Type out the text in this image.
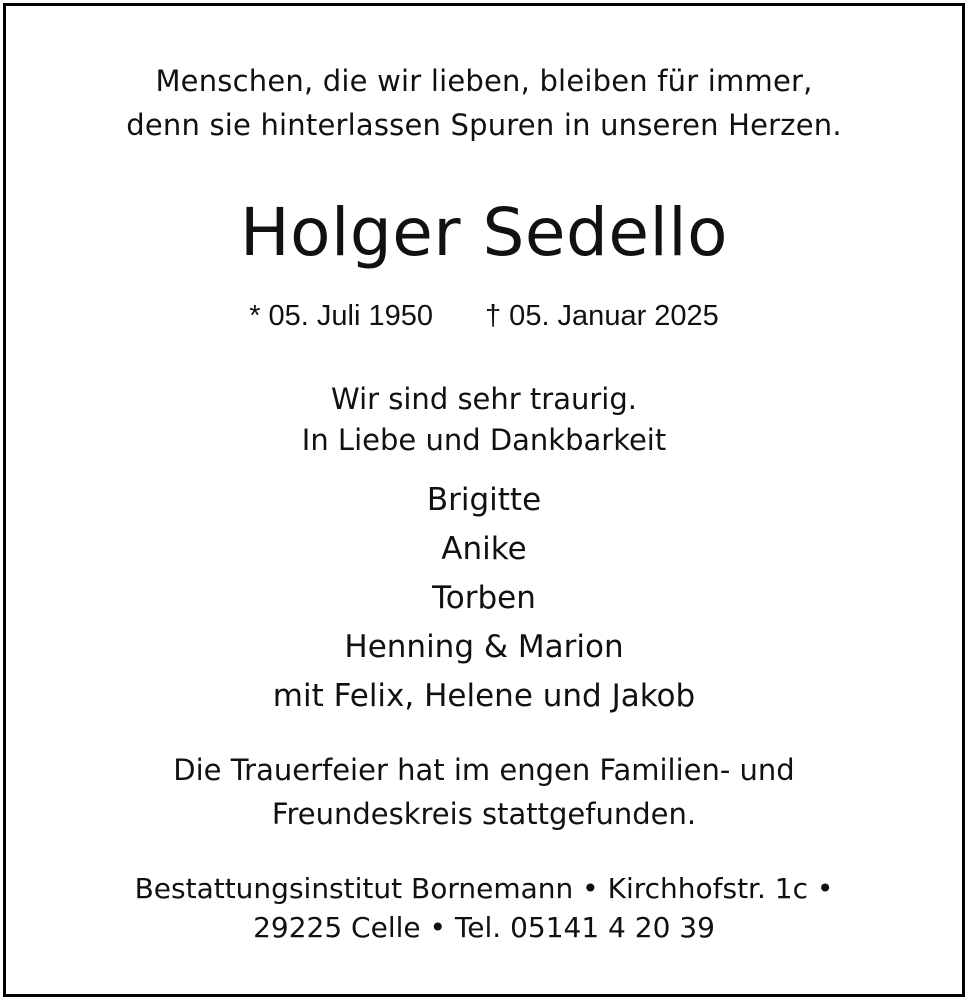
Menschen, die wir lieben, bleiben für immer,
denn sie hinterlassen Spuren in unseren Herzen.
Holger Sedello
* 05. Juli 1950 † 05. Januar 2025
Wir sind sehr traurig.
In Liebe und Dankbarkeit
Brigitte
Anike
Torben
Henning & Marion
mit Felix, Helene und Jakob
Die Trauerfeier hat im engen Familien- und
Freundeskreis stattgefunden.
Bestattungsinstitut Bornemann • Kirchhofstr. 1c •
29225 Celle • Tel. 05141 4 20 39
